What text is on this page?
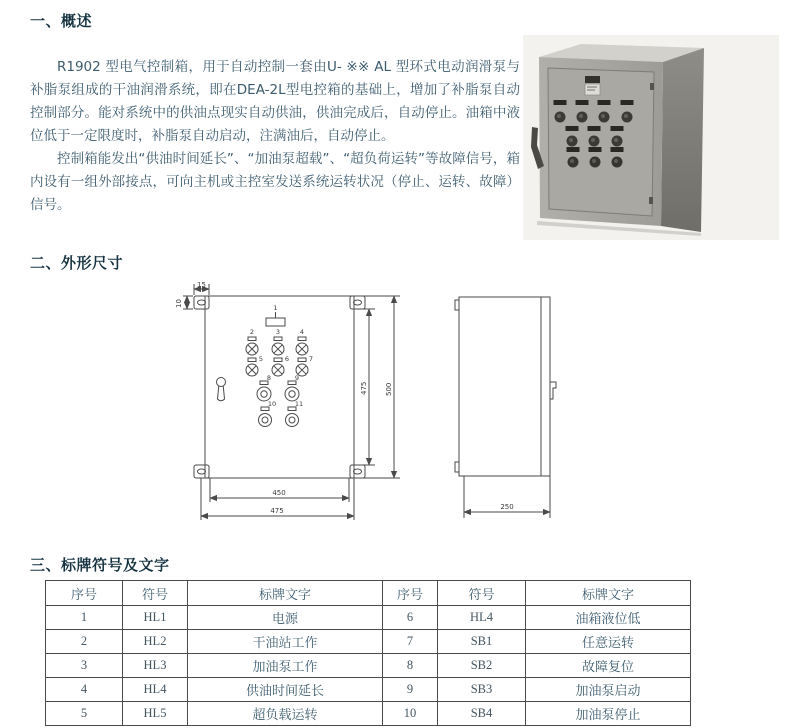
一、概述

R1902 型电气控制箱，用于自动控制一套由U- ※※ AL 型环式电动润滑泵与补脂泵组成的干油润滑系统，即在DEA-2L型电控箱的基础上，增加了补脂泵自动控制部分。能对系统中的供油点现实自动供油，供油完成后，自动停止。油箱中液位低于一定限度时，补脂泵自动启动，注满油后，自动停止。

控制箱能发出“供油时间延长”、“加油泵超载”、“超负荷运转”等故障信号，箱内设有一组外部接点，可向主机或主控室发送系统运转状况（停止、运转、故障）信号。

二、外形尺寸
15
10
475 500
450
475	250
1
2	3	4
5	6	7
8	9
10	11
三、标牌符号及文字
序号	符号	标牌文字	序号	符号	标牌文字
1	HL1	电源	6	HL4	油箱液位低
2	HL2	干油站工作	7	SB1	任意运转
3	HL3	加油泵工作	8	SB2	故障复位
4	HL4	供油时间延长	9	SB3	加油泵启动
5	HL5	超负载运转	10	SB4	加油泵停止
